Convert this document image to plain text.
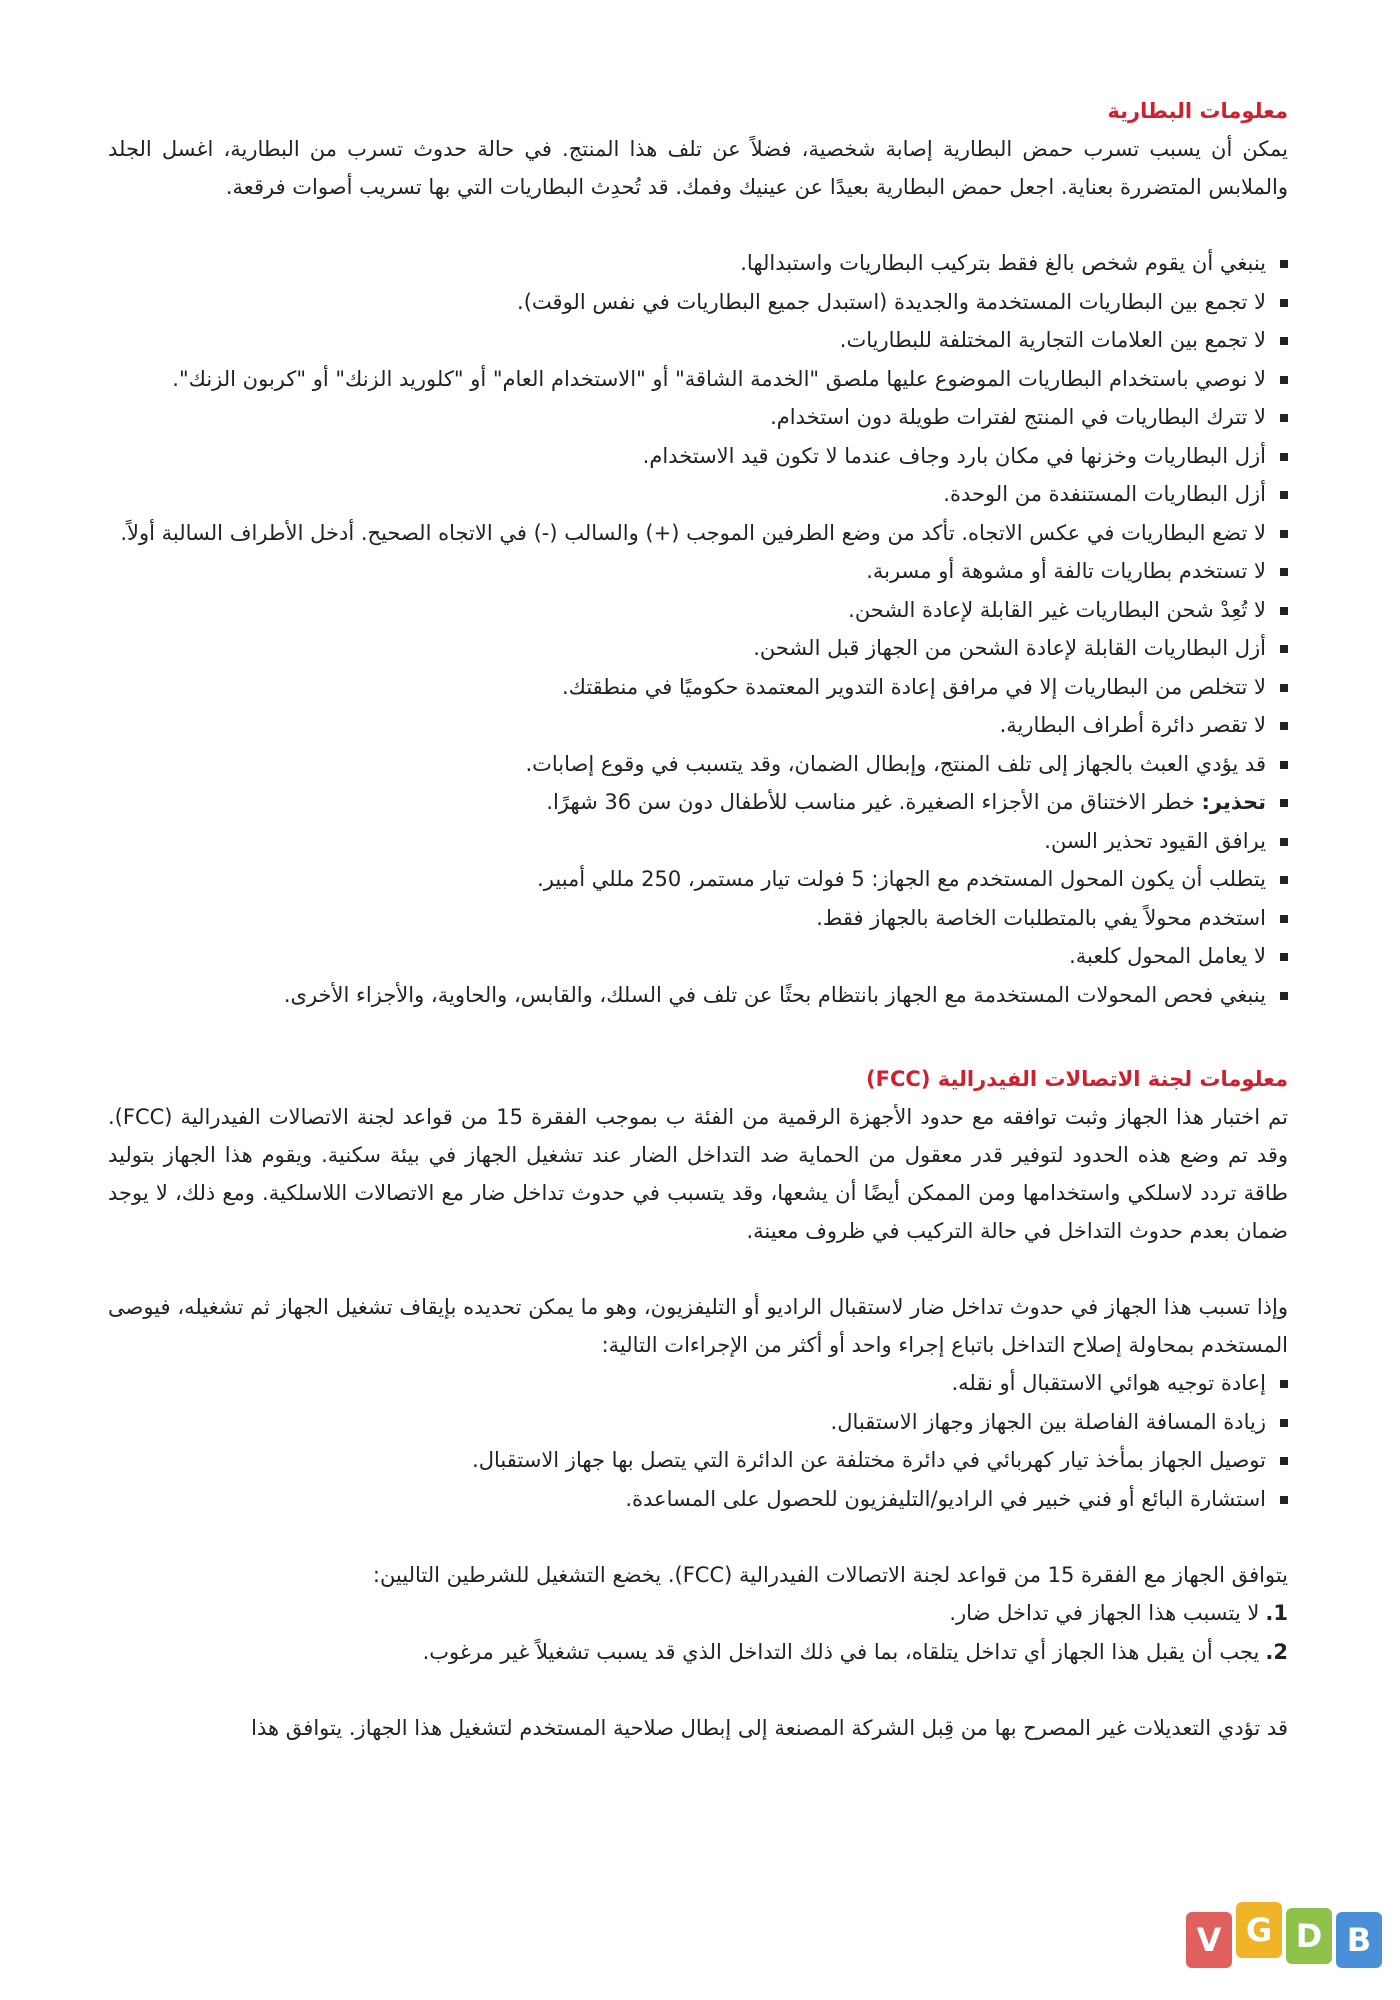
معلومات البطارية

يمكن أن يسبب تسرب حمض البطارية إصابة شخصية، فضلاً عن تلف هذا المنتج. في حالة حدوث تسرب من البطارية، اغسل الجلد والملابس المتضررة بعناية. اجعل حمض البطارية بعيدًا عن عينيك وفمك. قد تُحدِث البطاريات التي بها تسريب أصوات فرقعة.

ينبغي أن يقوم شخص بالغ فقط بتركيب البطاريات واستبدالها.
لا تجمع بين البطاريات المستخدمة والجديدة (استبدل جميع البطاريات في نفس الوقت).
لا تجمع بين العلامات التجارية المختلفة للبطاريات.
لا نوصي باستخدام البطاريات الموضوع عليها ملصق "الخدمة الشاقة" أو "الاستخدام العام" أو "كلوريد الزنك" أو "كربون الزنك".
لا تترك البطاريات في المنتج لفترات طويلة دون استخدام.
أزل البطاريات وخزنها في مكان بارد وجاف عندما لا تكون قيد الاستخدام.
أزل البطاريات المستنفدة من الوحدة.
لا تضع البطاريات في عكس الاتجاه. تأكد من وضع الطرفين الموجب (+) والسالب (-) في الاتجاه الصحيح. أدخل الأطراف السالبة أولاً.
لا تستخدم بطاريات تالفة أو مشوهة أو مسربة.
لا تُعِدْ شحن البطاريات غير القابلة لإعادة الشحن.
أزل البطاريات القابلة لإعادة الشحن من الجهاز قبل الشحن.
لا تتخلص من البطاريات إلا في مرافق إعادة التدوير المعتمدة حكوميًا في منطقتك.
لا تقصر دائرة أطراف البطارية.
قد يؤدي العبث بالجهاز إلى تلف المنتج، وإبطال الضمان، وقد يتسبب في وقوع إصابات.
تحذير: خطر الاختناق من الأجزاء الصغيرة. غير مناسب للأطفال دون سن 36 شهرًا.
يرافق القيود تحذير السن.
يتطلب أن يكون المحول المستخدم مع الجهاز: 5 فولت تيار مستمر، 250 مللي أمبير.
استخدم محولاً يفي بالمتطلبات الخاصة بالجهاز فقط.
لا يعامل المحول كلعبة.
ينبغي فحص المحولات المستخدمة مع الجهاز بانتظام بحثًا عن تلف في السلك، والقابس، والحاوية، والأجزاء الأخرى.
معلومات لجنة الاتصالات الفيدرالية (FCC)

تم اختبار هذا الجهاز وثبت توافقه مع حدود الأجهزة الرقمية من الفئة ب بموجب الفقرة 15 من قواعد لجنة الاتصالات الفيدرالية (FCC). وقد تم وضع هذه الحدود لتوفير قدر معقول من الحماية ضد التداخل الضار عند تشغيل الجهاز في بيئة سكنية. ويقوم هذا الجهاز بتوليد طاقة تردد لاسلكي واستخدامها ومن الممكن أيضًا أن يشعها، وقد يتسبب في حدوث تداخل ضار مع الاتصالات اللاسلكية. ومع ذلك، لا يوجد ضمان بعدم حدوث التداخل في حالة التركيب في ظروف معينة.

وإذا تسبب هذا الجهاز في حدوث تداخل ضار لاستقبال الراديو أو التليفزيون، وهو ما يمكن تحديده بإيقاف تشغيل الجهاز ثم تشغيله، فيوصى المستخدم بمحاولة إصلاح التداخل باتباع إجراء واحد أو أكثر من الإجراءات التالية:

إعادة توجيه هوائي الاستقبال أو نقله.
زيادة المسافة الفاصلة بين الجهاز وجهاز الاستقبال.
توصيل الجهاز بمأخذ تيار كهربائي في دائرة مختلفة عن الدائرة التي يتصل بها جهاز الاستقبال.
استشارة البائع أو فني خبير في الراديو/التليفزيون للحصول على المساعدة.

يتوافق الجهاز مع الفقرة 15 من قواعد لجنة الاتصالات الفيدرالية (FCC). يخضع التشغيل للشرطين التاليين:

1.لا يتسبب هذا الجهاز في تداخل ضار.
2.يجب أن يقبل هذا الجهاز أي تداخل يتلقاه، بما في ذلك التداخل الذي قد يسبب تشغيلاً غير مرغوب.

قد تؤدي التعديلات غير المصرح بها من قِبل الشركة المصنعة إلى إبطال صلاحية المستخدم لتشغيل هذا الجهاز. يتوافق هذا

V G D B
